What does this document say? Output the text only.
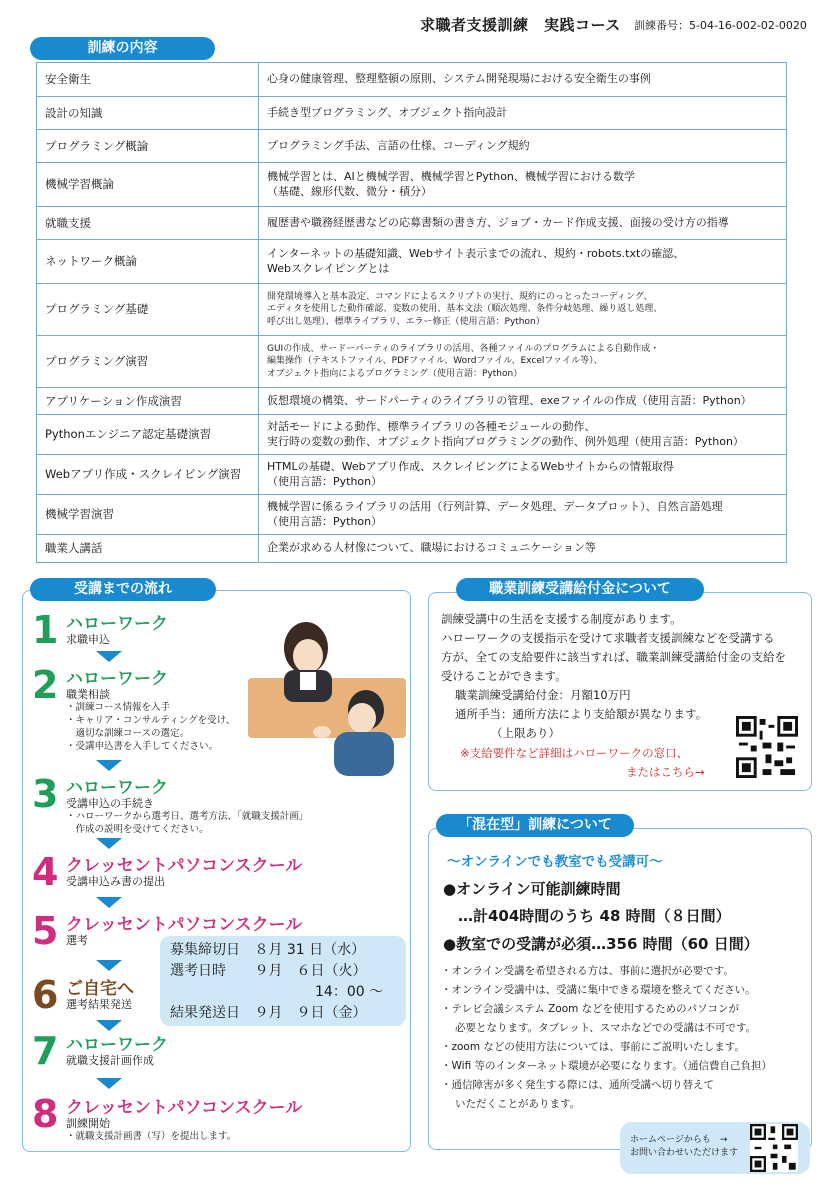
求職者支援訓練　実践コース 訓練番号：5-04-16-002-02-0020
訓練の内容
安全衛生	心身の健康管理、整理整頓の原則、システム開発現場における安全衛生の事例
設計の知識	手続き型プログラミング、オブジェクト指向設計
プログラミング概論	プログラミング手法、言語の仕様、コーディング規約
機械学習概論	機械学習とは、AIと機械学習、機械学習とPython、機械学習における数学
（基礎、線形代数、微分・積分）

就職支援	履歴書や職務経歴書などの応募書類の書き方、ジョブ・カード作成支援、面接の受け方の指導
ネットワーク概論	インターネットの基礎知識、Webサイト表示までの流れ、規約・robots.txtの確認、
Webスクレイピングとは

プログラミング基礎	開発環境導入と基本設定、コマンドによるスクリプトの実行、規約にのっとったコーディング、
エディタを使用した動作確認、変数の使用、基本文法（順次処理、条件分岐処理、繰り返し処理、
呼び出し処理）、標準ライブラリ、エラー修正（使用言語：Python）

プログラミング演習	GUIの作成、サードーパーティのライブラリの活用、各種ファイルのプログラムによる自動作成・
編集操作（テキストファイル、PDFファイル、Wordファイル、Excelファイル等）、
オブジェクト指向によるプログラミング（使用言語：Python）

アプリケーション作成演習	仮想環境の構築、サードパーティのライブラリの管理、exeファイルの作成（使用言語：Python）
Pythonエンジニア認定基礎演習	対話モードによる動作、標準ライブラリの各種モジュールの動作、
実行時の変数の動作、オブジェクト指向プログラミングの動作、例外処理（使用言語：Python）

Webアプリ作成・スクレイピング演習	HTMLの基礎、Webアプリ作成、スクレイピングによるWebサイトからの情報取得
（使用言語：Python）

機械学習演習	機械学習に係るライブラリの活用（行列計算、データ処理、データプロット）、自然言語処理
（使用言語：Python）

職業人講話	企業が求める人材像について、職場におけるコミュニケーション等
受講までの流れ
1 ハローワーク
求職申込
2 ハローワーク
職業相談
・訓練コース情報を入手
・キャリア・コンサルティングを受け、
　適切な訓練コースの選定。
・受講申込書を入手してください。
3 ハローワーク
受講申込の手続き
・ハローワークから選考日、選考方法、「就職支援計画」
　作成の説明を受けてください。
4 クレッセントパソコンスクール
受講申込み書の提出
5 クレッセントパソコンスクール
選考
6 ご自宅へ
選考結果発送
7 ハローワーク
就職支援計画作成
8 クレッセントパソコンスクール
訓練開始
・就職支援計画書（写）を提出します。
募集締切日 ８月 31 日（水）
選考日時 ９月　６日（火）
14：00 ～
結果発送日 ９月　９日（金）
職業訓練受講給付金について
訓練受講中の生活を支援する制度があります。
ハローワークの支援指示を受けて求職者支援訓練などを受講する
方が、全ての支給要件に該当すれば、職業訓練受講給付金の支給を
受けることができます。
職業訓練受講給付金：月額10万円
通所手当：通所方法により支給額が異なります。
（上限あり）
※支給要件など詳細はハローワークの窓口、
またはこちら→
「混在型」訓練について
～オンラインでも教室でも受講可～
●オンライン可能訓練時間
…計404時間のうち 48 時間（８日間）
●教室での受講が必須…356 時間（60 日間）
・オンライン受講を希望される方は、事前に選択が必要です。
・オンライン受講中は、受講に集中できる環境を整えてください。
・テレビ会議システム Zoom などを使用するためのパソコンが
必要となります。タブレット、スマホなどでの受講は不可です。
・zoom などの使用方法については、事前にご説明いたします。
・Wifi 等のインターネット環境が必要になります。（通信費自己負担）
・通信障害が多く発生する際には、通所受講へ切り替えて
いただくことがあります。
ホームページからも　→
お問い合わせいただけます
